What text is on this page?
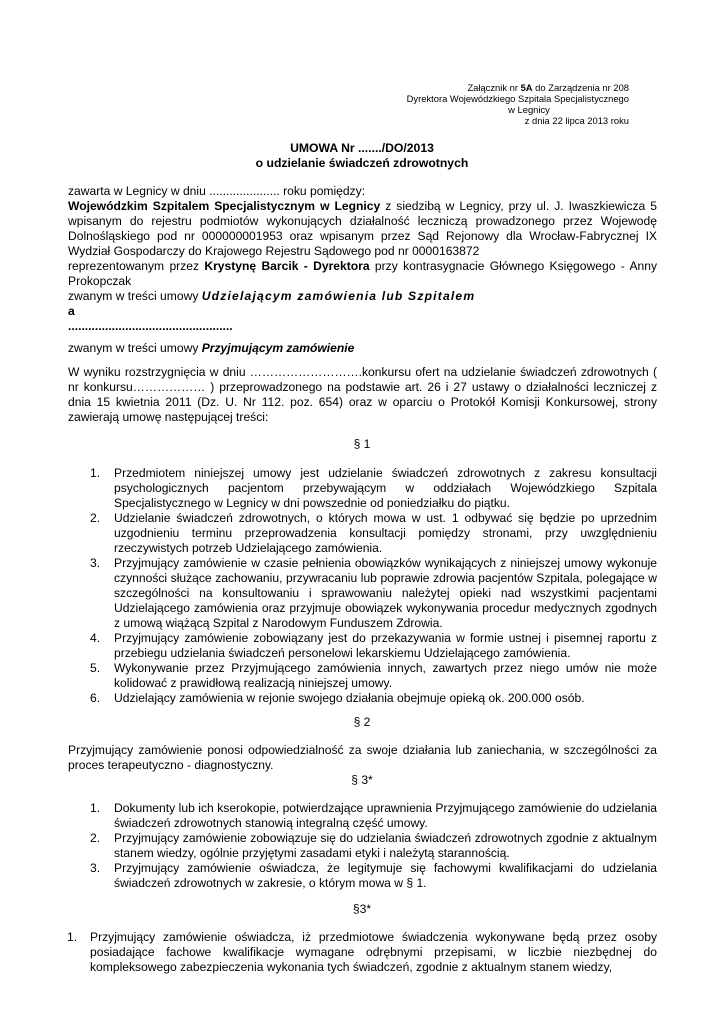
Załącznik nr 5A do Zarządzenia nr 208
Dyrektora Wojewódzkiego Szpitala Specjalistycznego
w Legnicy
z dnia 22 lipca 2013 roku
UMOWA Nr ......./DO/2013
o udzielanie świadczeń zdrowotnych
zawarta w Legnicy w dniu ..................... roku pomiędzy:
Wojewódzkim Szpitalem Specjalistycznym w Legnicy z siedzibą w Legnicy, przy ul. J. Iwaszkiewicza 5 wpisanym do rejestru podmiotów wykonujących działalność leczniczą prowadzonego przez Wojewodę Dolnośląskiego pod nr 000000001953 oraz wpisanym przez Sąd Rejonowy dla Wrocław-Fabrycznej IX Wydział Gospodarczy do Krajowego Rejestru Sądowego pod nr 0000163872
reprezentowanym przez Krystynę Barcik - Dyrektora przy kontrasygnacie Głównego Księgowego - Anny Prokopczak
zwanym w treści umowy Udzielającym zamówienia lub Szpitalem
a
.................................................
zwanym w treści umowy Przyjmującym zamówienie
W wyniku rozstrzygnięcia w dniu ……………………….konkursu ofert na udzielanie świadczeń zdrowotnych ( nr konkursu……………… ) przeprowadzonego na podstawie art. 26 i 27 ustawy o działalności leczniczej z dnia 15 kwietnia 2011 (Dz. U. Nr 112. poz. 654) oraz w oparciu o Protokół Komisji Konkursowej, strony zawierają umowę następującej treści:
§ 1
1. Przedmiotem niniejszej umowy jest udzielanie świadczeń zdrowotnych z zakresu konsultacji psychologicznych pacjentom przebywającym w oddziałach Wojewódzkiego Szpitala Specjalistycznego w Legnicy w dni powszednie od poniedziałku do piątku.
2. Udzielanie świadczeń zdrowotnych, o których mowa w ust. 1 odbywać się będzie po uprzednim uzgodnieniu terminu przeprowadzenia konsultacji pomiędzy stronami, przy uwzględnieniu rzeczywistych potrzeb Udzielającego zamówienia.
3. Przyjmujący zamówienie w czasie pełnienia obowiązków wynikających z niniejszej umowy wykonuje czynności służące zachowaniu, przywracaniu lub poprawie zdrowia pacjentów Szpitala, polegające w szczególności na konsultowaniu i sprawowaniu należytej opieki nad wszystkimi pacjentami Udzielającego zamówienia oraz przyjmuje obowiązek wykonywania procedur medycznych zgodnych z umową wiążącą Szpital z Narodowym Funduszem Zdrowia.
4. Przyjmujący zamówienie zobowiązany jest do przekazywania w formie ustnej i pisemnej raportu z przebiegu udzielania świadczeń personelowi lekarskiemu Udzielającego zamówienia.
5. Wykonywanie przez Przyjmującego zamówienia innych, zawartych przez niego umów nie może kolidować z prawidłową realizacją niniejszej umowy.
6. Udzielający zamówienia w rejonie swojego działania obejmuje opieką ok. 200.000 osób.
§ 2
Przyjmujący zamówienie ponosi odpowiedzialność za swoje działania lub zaniechania, w szczególności za proces terapeutyczno - diagnostyczny.
§ 3*
1. Dokumenty lub ich kserokopie, potwierdzające uprawnienia Przyjmującego zamówienie do udzielania świadczeń zdrowotnych stanowią integralną część umowy.
2. Przyjmujący zamówienie zobowiązuje się do udzielania świadczeń zdrowotnych zgodnie z aktualnym stanem wiedzy, ogólnie przyjętymi zasadami etyki i należytą starannością.
3. Przyjmujący zamówienie oświadcza, że legitymuje się fachowymi kwalifikacjami do udzielania świadczeń zdrowotnych w zakresie, o którym mowa w § 1.
§3*
1. Przyjmujący zamówienie oświadcza, iż przedmiotowe świadczenia wykonywane będą przez osoby posiadające fachowe kwalifikacje wymagane odrębnymi przepisami, w liczbie niezbędnej do kompleksowego zabezpieczenia wykonania tych świadczeń, zgodnie z aktualnym stanem wiedzy,
